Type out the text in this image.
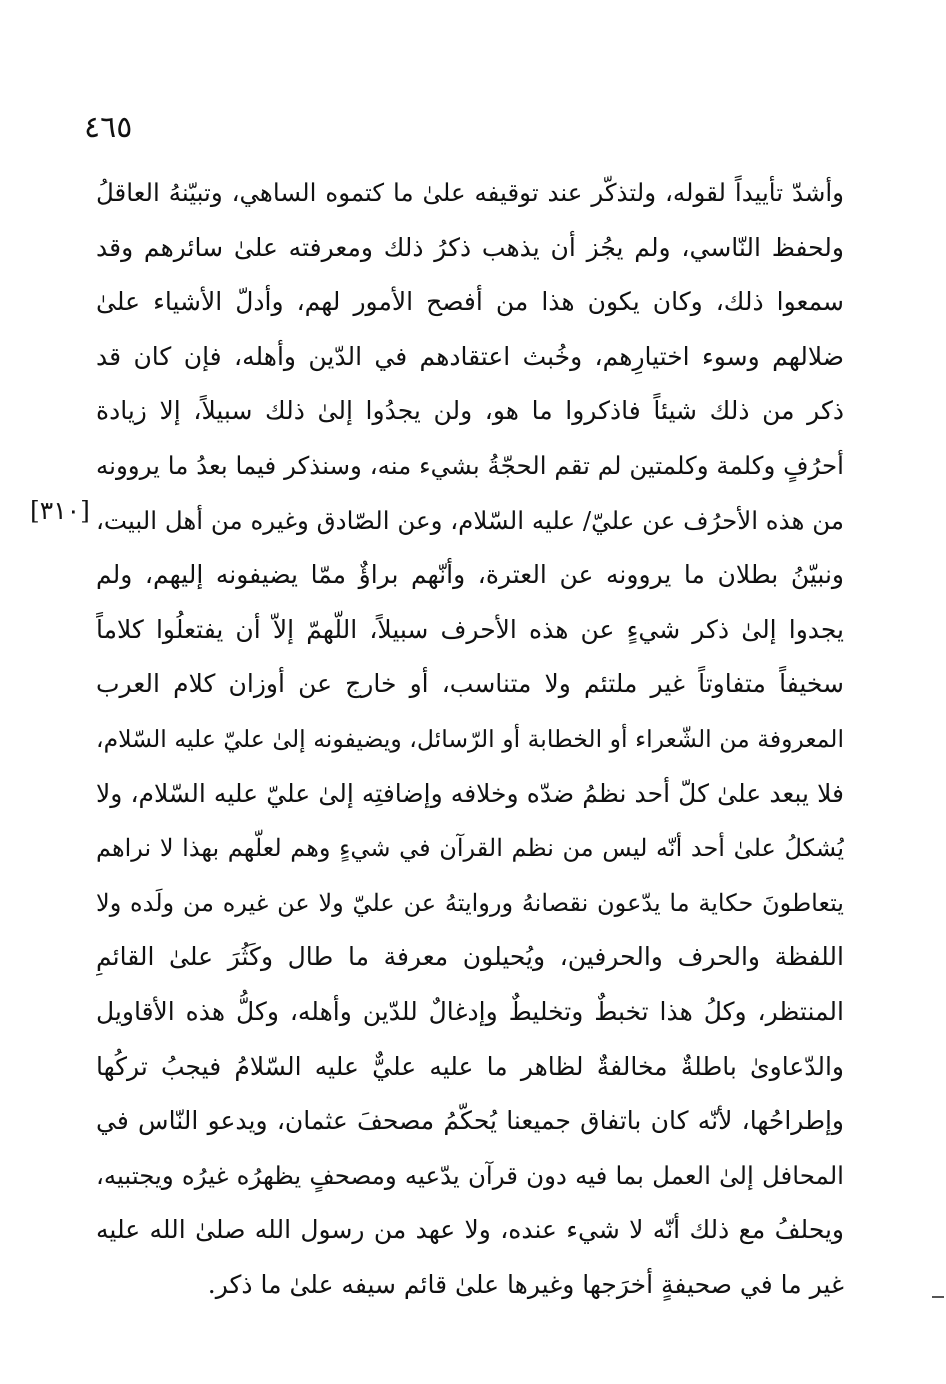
٤٦٥
[٣١٠]
وأشدّ تأييداً لقوله، ولتذكّر عند توقيفه علىٰ ما كتموه الساهي، وتبيّنهُ العاقلُ
ولحفظ النّاسي، ولم يجُز أن يذهب ذكرُ ذلك ومعرفته علىٰ سائرهم وقد
سمعوا ذلك، وكان يكون هذا من أفصح الأمور لهم، وأدلّ الأشياء علىٰ
ضلالهم وسوء اختيارِهم، وخُبث اعتقادهم في الدّين وأهله، فإن كان قد
ذكر من ذلك شيئاً فاذكروا ما هو، ولن يجدُوا إلىٰ ذلك سبيلاً، إلا زيادة
أحرُفٍ وكلمة وكلمتين لم تقم الحجّةُ بشيء منه، وسنذكر فيما بعدُ ما يروونه
من هذه الأحرُف عن عليّ/ عليه السّلام، وعن الصّادق وغيره من أهل البيت،
ونبيّنُ بطلان ما يروونه عن العترة، وأنّهم براؤٌ ممّا يضيفونه إليهم، ولم
يجدوا إلىٰ ذكر شيءٍ عن هذه الأحرف سبيلاً، اللّهمّ إلاّ أن يفتعلُوا كلاماً
سخيفاً متفاوتاً غير ملتئم ولا متناسب، أو خارج عن أوزان كلام العرب
المعروفة من الشّعراء أو الخطابة أو الرّسائل، ويضيفونه إلىٰ عليّ عليه السّلام،
فلا يبعد علىٰ كلّ أحد نظمُ ضدّه وخلافه وإضافتِه إلىٰ عليّ عليه السّلام، ولا
يُشكلُ علىٰ أحد أنّه ليس من نظم القرآن في شيءٍ وهم لعلّهم بهذا لا نراهم
يتعاطونَ حكاية ما يدّعون نقصانهُ وروايتهُ عن عليّ ولا عن غيره من ولَده ولا
اللفظة والحرف والحرفين، ويُحيلون معرفة ما طال وكَثُرَ علىٰ القائمِ
المنتظر، وكلُ هذا تخبطٌ وتخليطٌ وإدغالٌ للدّين وأهله، وكلُّ هذه الأقاويل
والدّعاوىٰ باطلةٌ مخالفةٌ لظاهر ما عليه عليٌّ عليه السّلامُ فيجبُ تركُها
وإطراحُها، لأنّه كان باتفاق جميعنا يُحكّمُ مصحفَ عثمان، ويدعو النّاس في
المحافل إلىٰ العمل بما فيه دون قرآن يدّعيه ومصحفٍ يظهرُه غيرُه ويجتبيه،
ويحلفُ مع ذلك أنّه لا شيء عنده، ولا عهد من رسول الله صلىٰ الله عليه
غير ما في صحيفةٍ أخرَجها وغيرها علىٰ قائم سيفه علىٰ ما ذكر.
